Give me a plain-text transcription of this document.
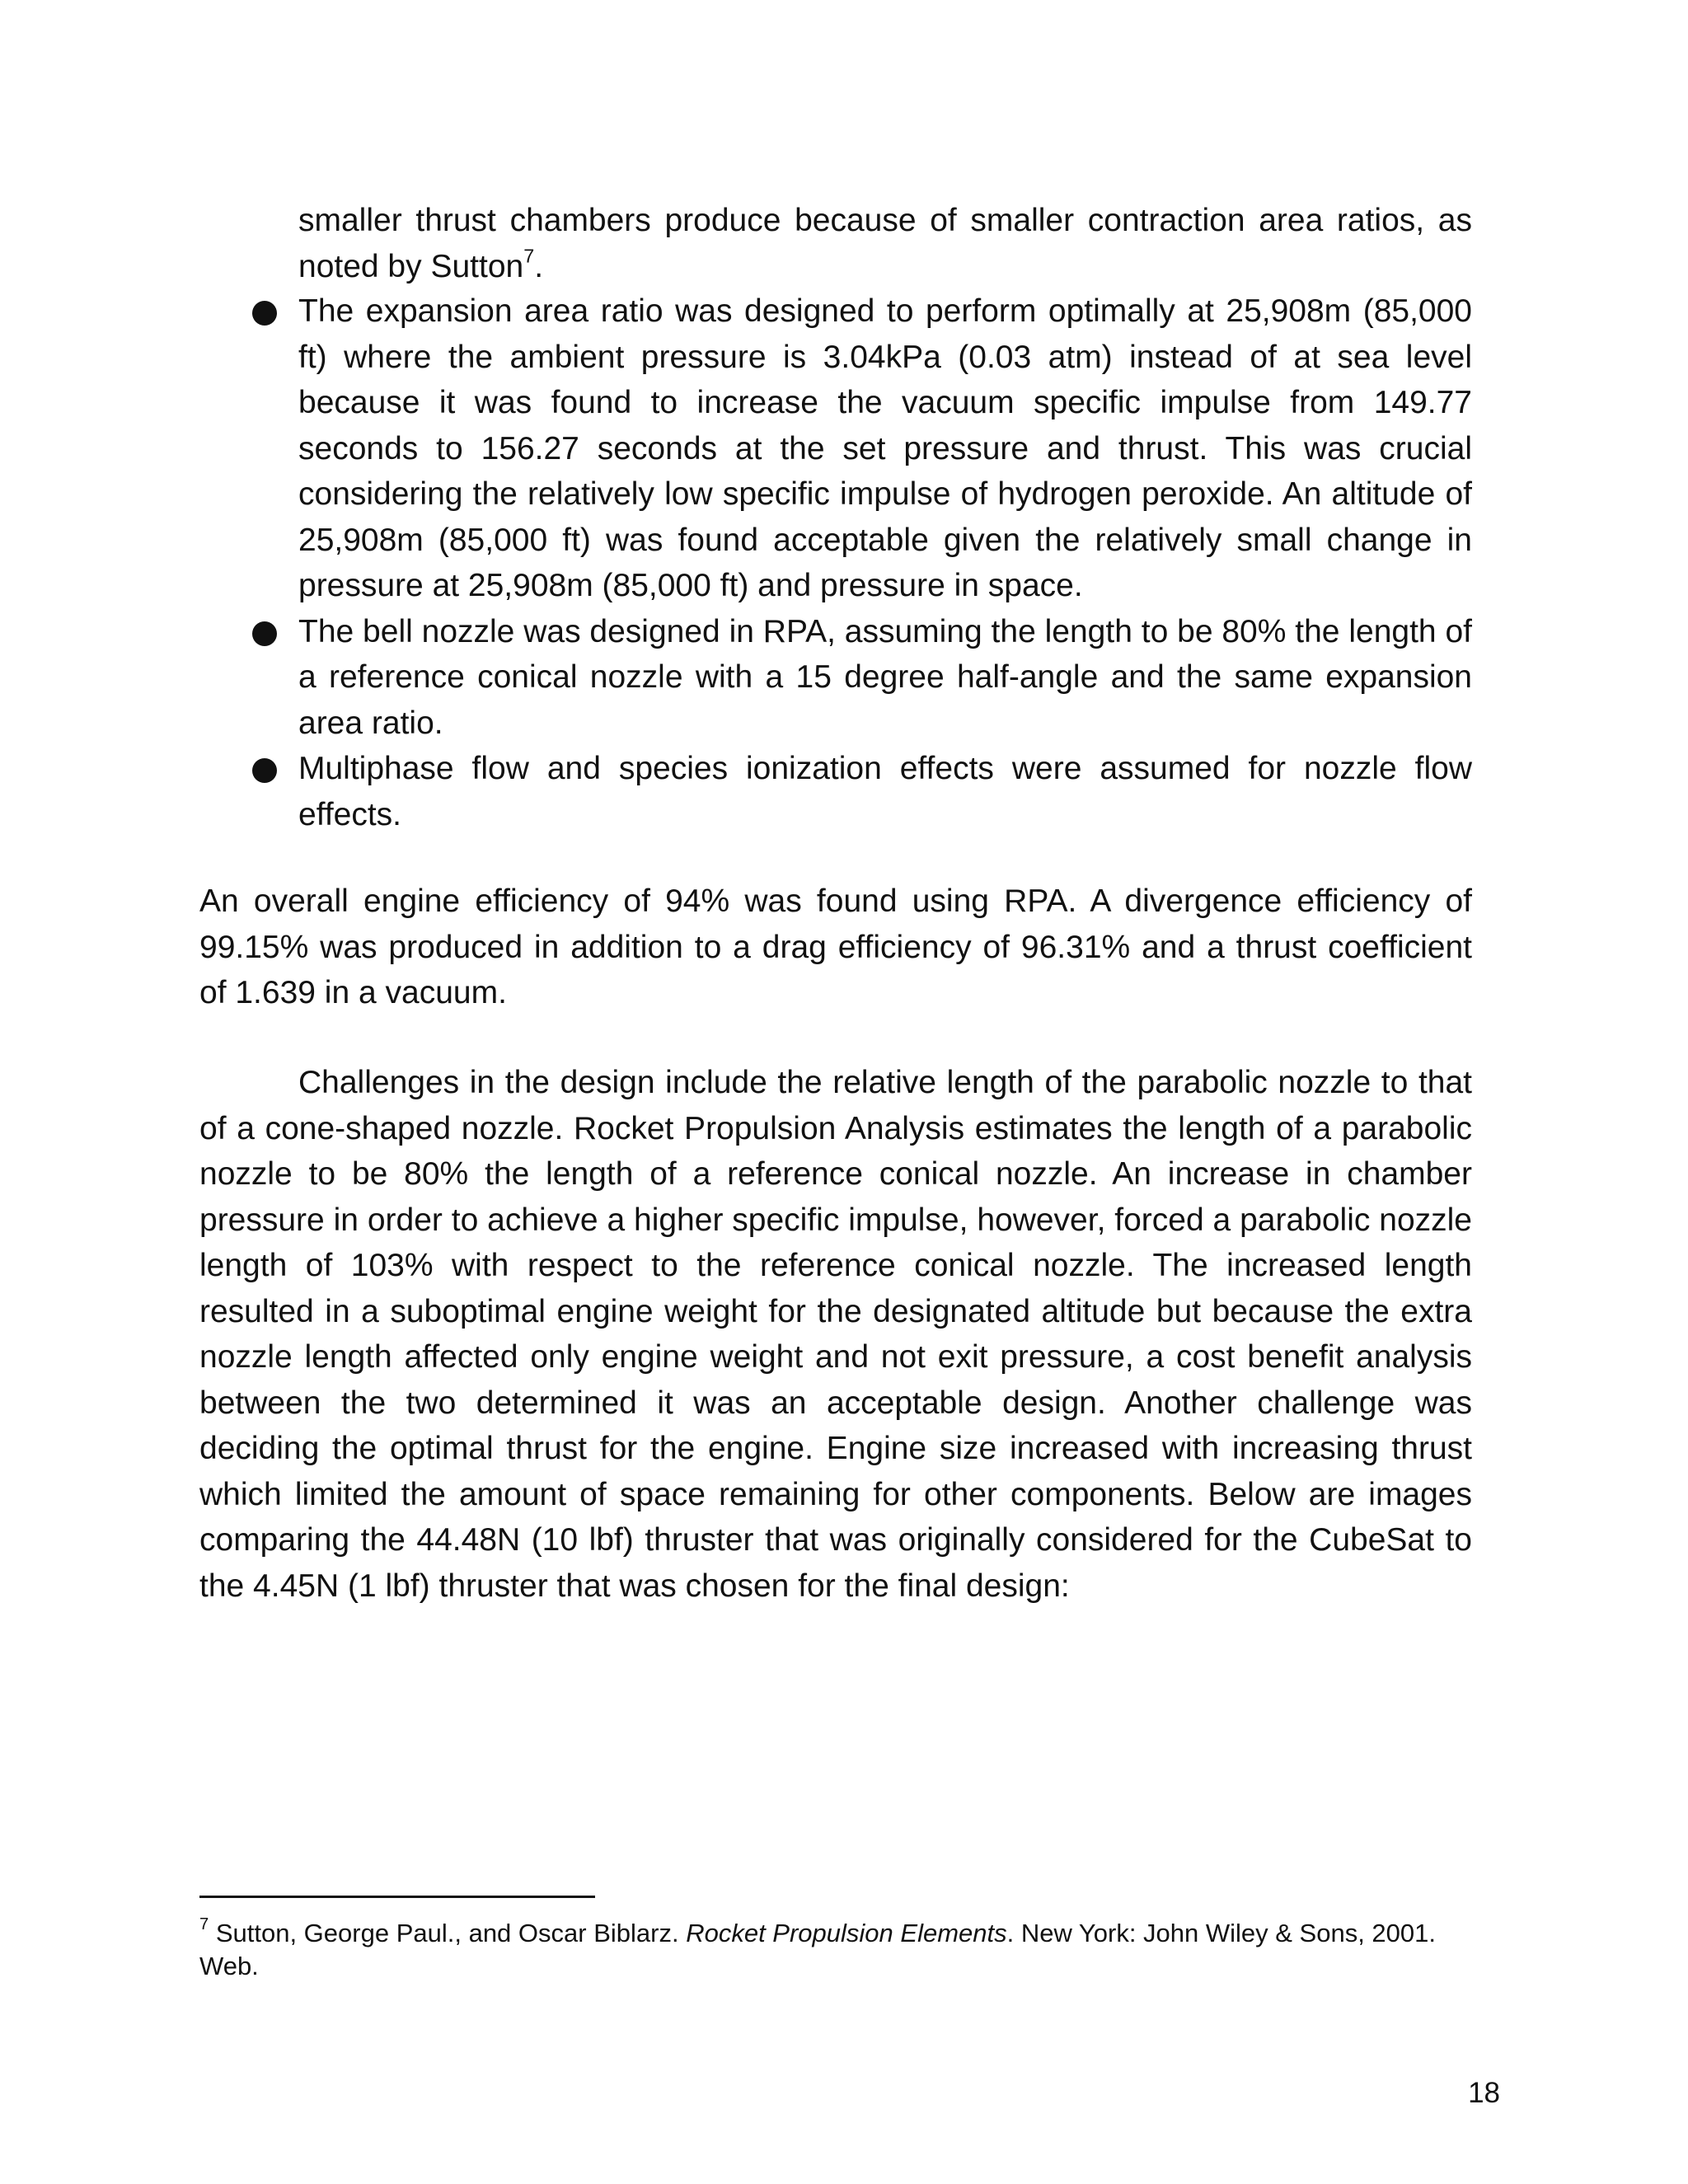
smaller thrust chambers produce because of smaller contraction area ratios, as noted by Sutton$^7$.
The expansion area ratio was designed to perform optimally at 25,908m (85,000 ft) where the ambient pressure is 3.04kPa (0.03 atm) instead of at sea level because it was found to increase the vacuum specific impulse from 149.77 seconds to 156.27 seconds at the set pressure and thrust. This was crucial considering the relatively low specific impulse of hydrogen peroxide. An altitude of 25,908m (85,000 ft) was found acceptable given the relatively small change in pressure at 25,908m (85,000 ft) and pressure in space.
The bell nozzle was designed in RPA, assuming the length to be 80% the length of a reference conical nozzle with a 15 degree half-angle and the same expansion area ratio.
Multiphase flow and species ionization effects were assumed for nozzle flow effects.

An overall engine efficiency of 94% was found using RPA. A divergence efficiency of 99.15% was produced in addition to a drag efficiency of 96.31% and a thrust coefficient of 1.639 in a vacuum.

Challenges in the design include the relative length of the parabolic nozzle to that of a cone-shaped nozzle. Rocket Propulsion Analysis estimates the length of a parabolic nozzle to be 80% the length of a reference conical nozzle. An increase in chamber pressure in order to achieve a higher specific impulse, however, forced a parabolic nozzle length of 103% with respect to the reference conical nozzle. The increased length resulted in a suboptimal engine weight for the designated altitude but because the extra nozzle length affected only engine weight and not exit pressure, a cost benefit analysis between the two determined it was an acceptable design. Another challenge was deciding the optimal thrust for the engine. Engine size increased with increasing thrust which limited the amount of space remaining for other components. Below are images comparing the 44.48N (10 lbf) thruster that was originally considered for the CubeSat to the 4.45N (1 lbf) thruster that was chosen for the final design:

$^7$ Sutton, George Paul., and Oscar Biblarz. Rocket Propulsion Elements. New York: John Wiley & Sons, 2001. Web.

18
